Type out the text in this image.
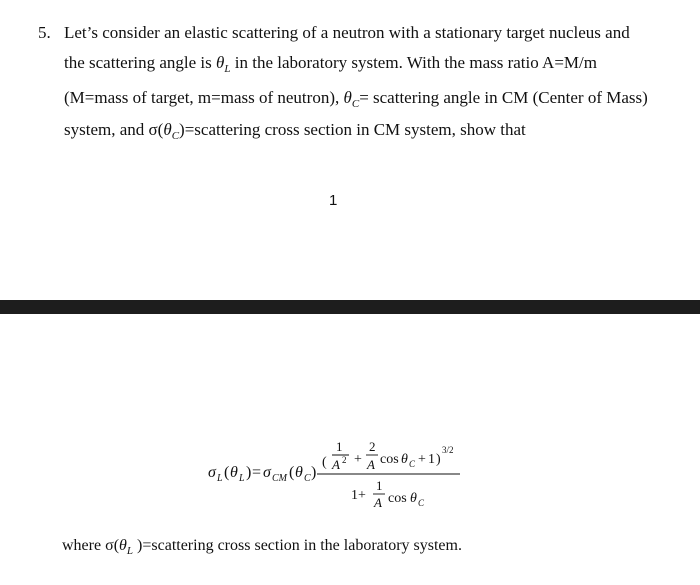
5. Let’s consider an elastic scattering of a neutron with a stationary target nucleus and
the scattering angle is $\theta_L$ in the laboratory system. With the mass ratio A=M/m
(M=mass of target, m=mass of neutron), $\theta_C=$ scattering angle in CM (Center of Mass)
system, and $\sigma(\theta_C)=scattering$ cross section in CM system, show that
1
σ L ( θ L ) = σ CM ( θ C )
(
1
A 2 +
2
A cos θ C + 1 )
3/2
1+
1
A cos θ C
where $\sigma(\theta_L$ )=scattering cross section in the laboratory system.
